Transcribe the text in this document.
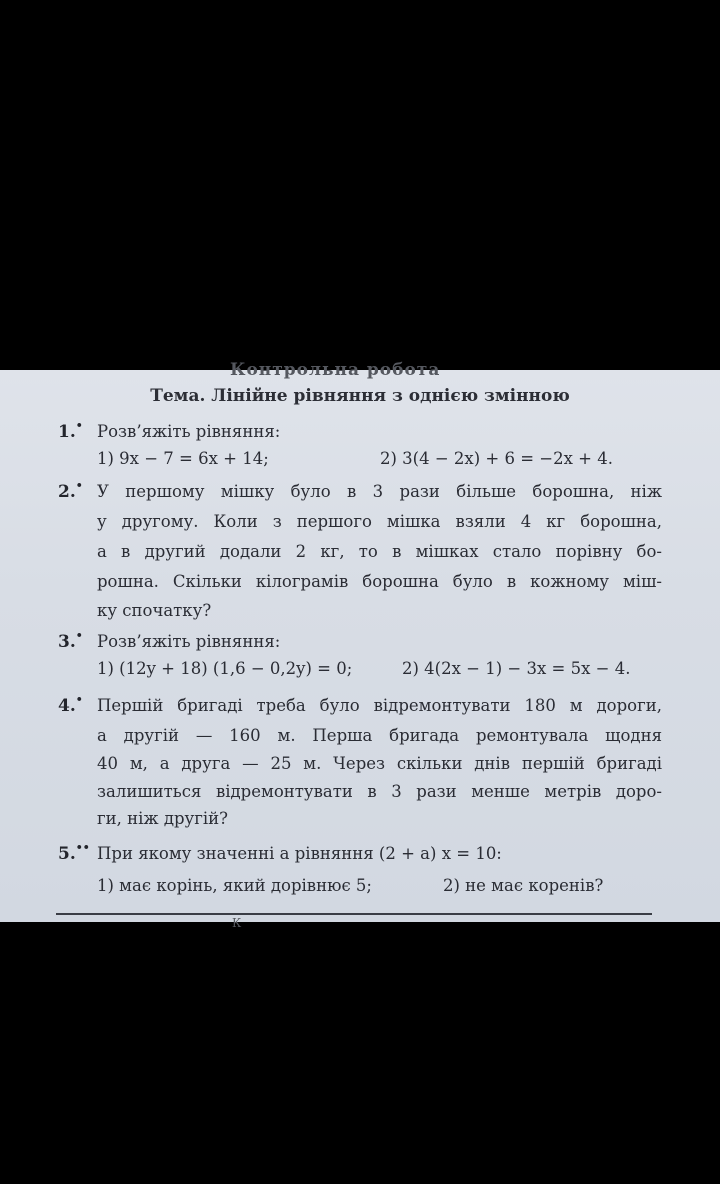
Контрольна робота
Тема. Лінійне рівняння з однією змінною
1.• Розв’яжіть рівняння:
1) 9x − 7 = 6x + 14;	2) 3(4 − 2x) + 6 = −2x + 4.
2.• У першому мішку було в 3 рази більше борошна, ніж
у другому. Коли з першого мішка взяли 4 кг борошна,
а в другий додали 2 кг, то в мішках стало порівну бо-
рошна. Скільки кілограмів борошна було в кожному міш-
ку спочатку?
3.• Розв’яжіть рівняння:
1) (12y + 18) (1,6 − 0,2y) = 0;	2) 4(2x − 1) − 3x = 5x − 4.
4.• Першій бригаді треба було відремонтувати 180 м дороги,
а другій — 160 м. Перша бригада ремонтувала щодня
40 м, а друга — 25 м. Через скільки днів першій бригаді
залишиться відремонтувати в 3 рази менше метрів доро-
ги, ніж другій?
5.•• При якому значенні a рівняння (2 + a) x = 10:
1) має корінь, який дорівнює 5;	2) не має коренів?
К
